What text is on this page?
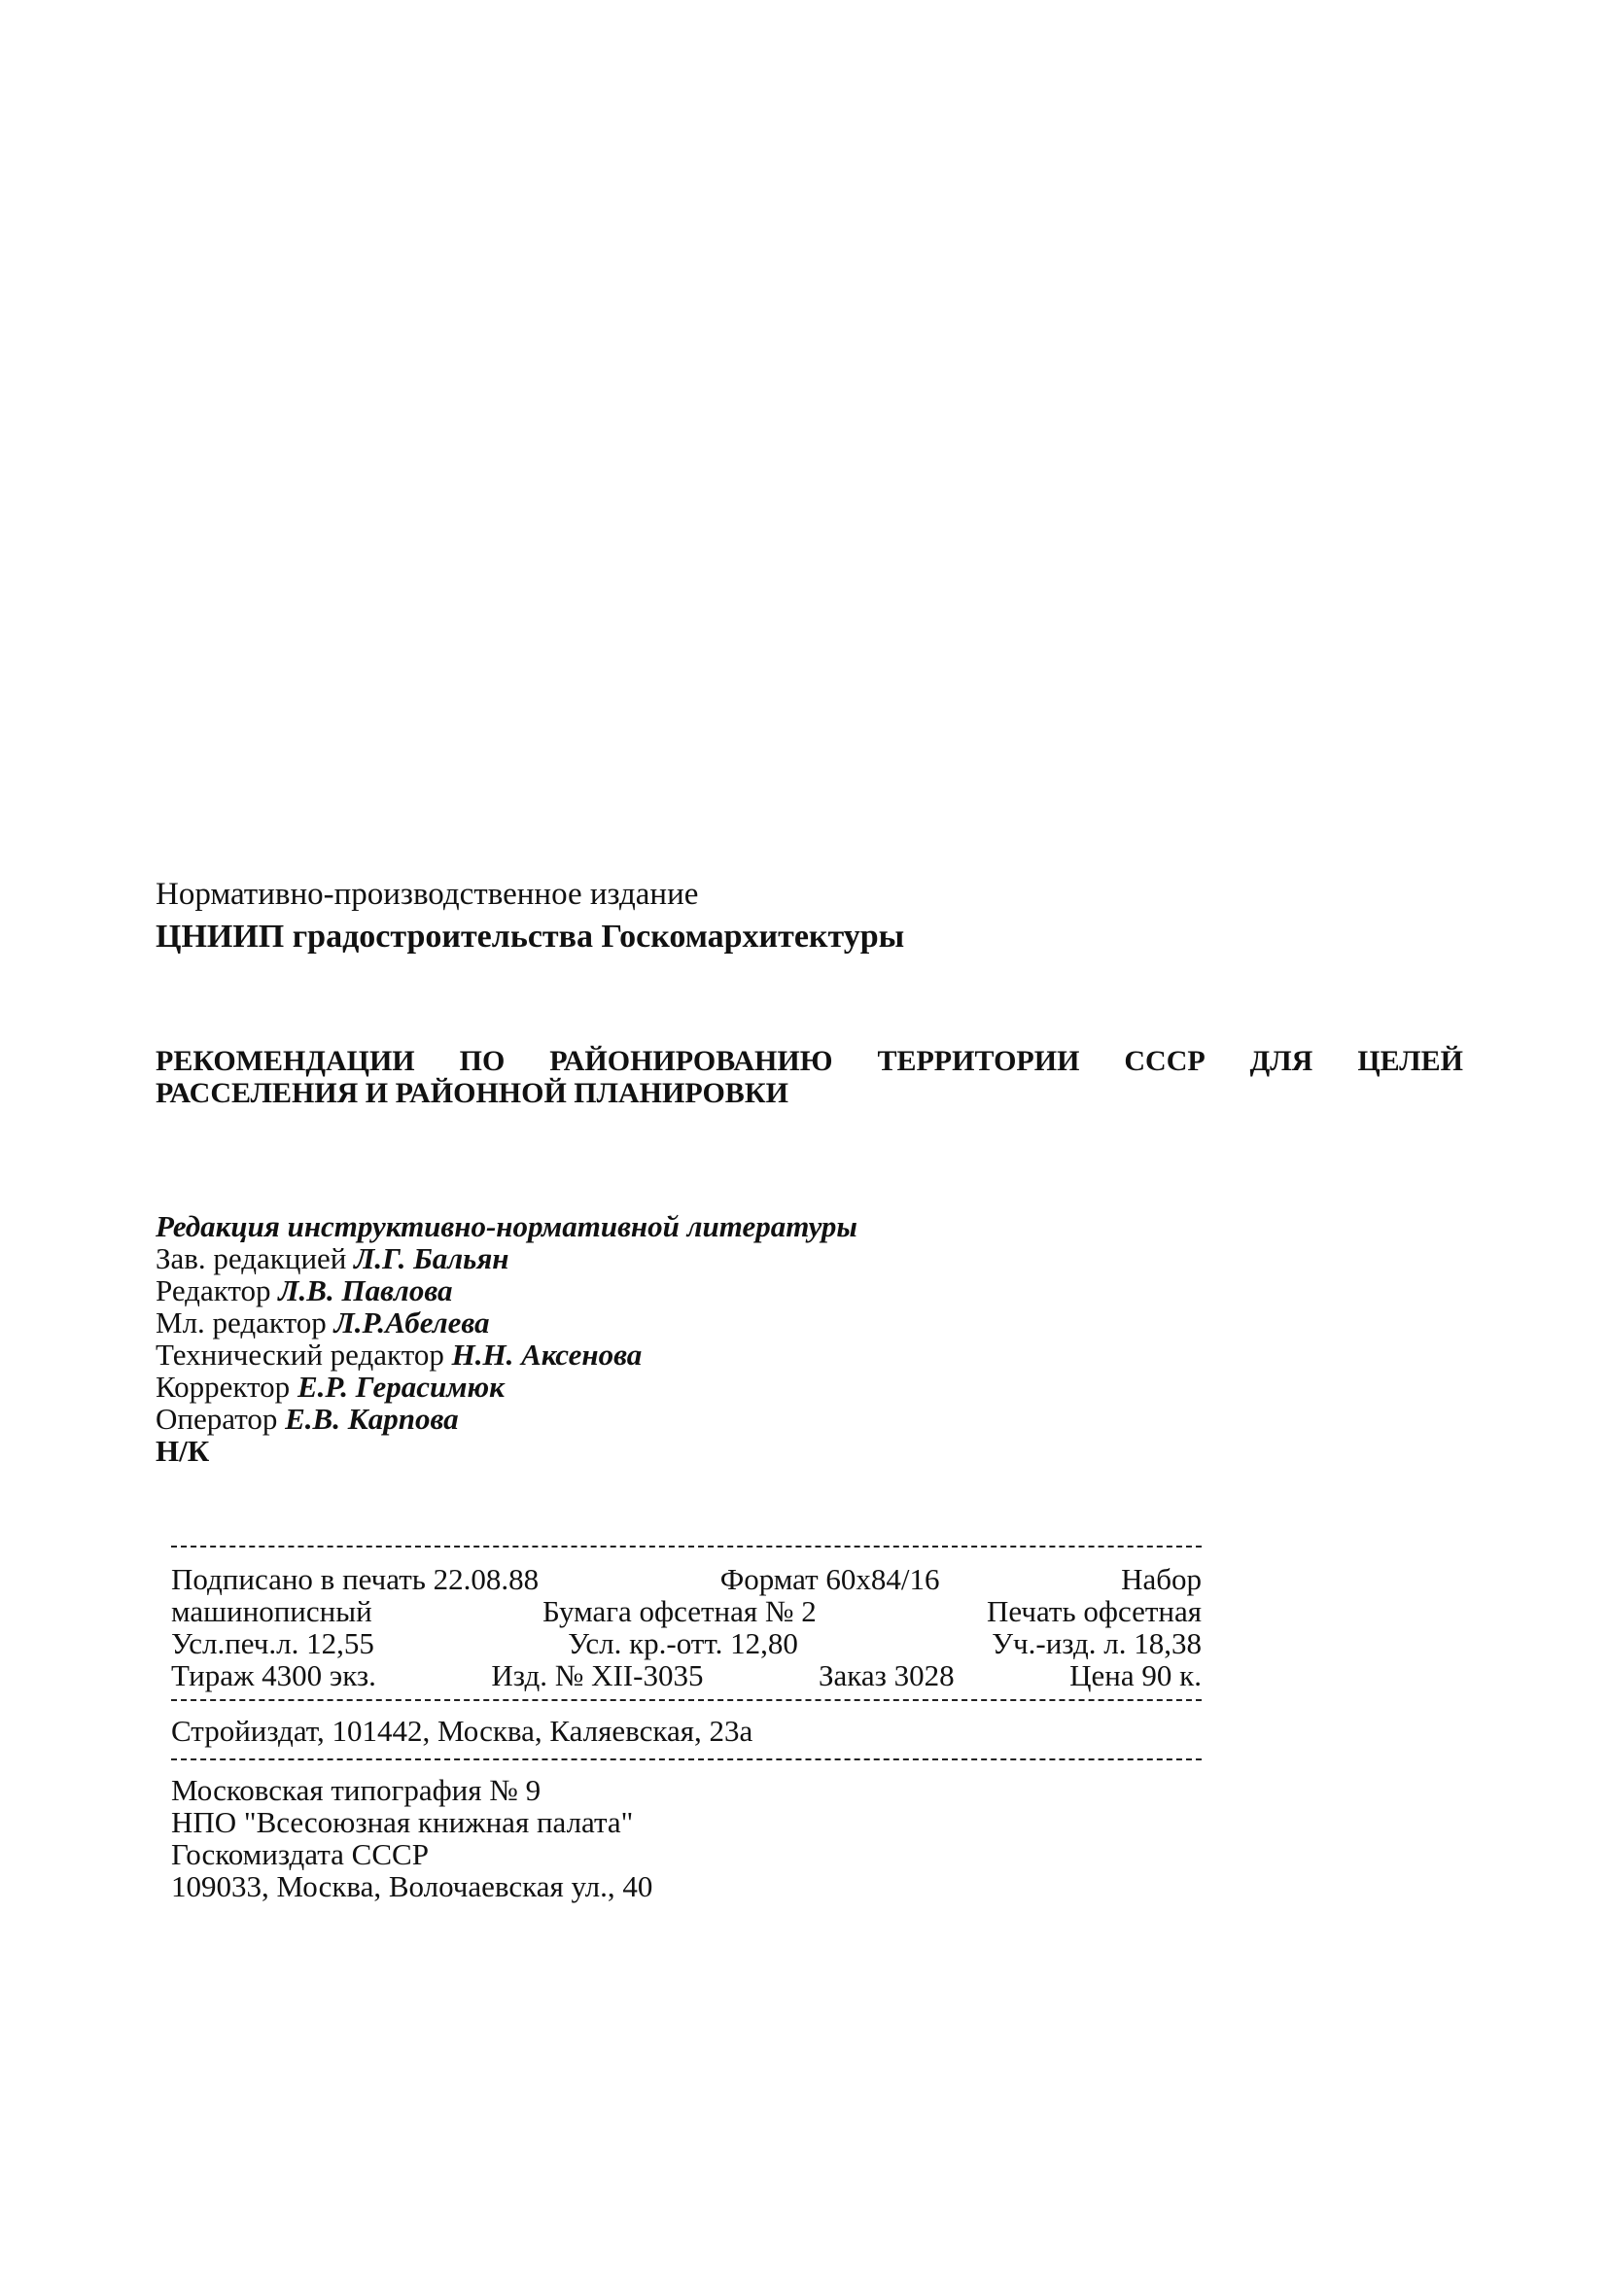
Нормативно-производственное издание
ЦНИИП градостроительства Госкомархитектуры
РЕКОМЕНДАЦИИ ПО РАЙОНИРОВАНИЮ ТЕРРИТОРИИ СССР ДЛЯ ЦЕЛЕЙ
РАССЕЛЕНИЯ И РАЙОННОЙ ПЛАНИРОВКИ
Редакция инструктивно-нормативной литературы
Зав. редакцией Л.Г. Бальян
Редактор Л.В. Павлова
Мл. редактор Л.Р.Абелева
Технический редактор Н.Н. Аксенова
Корректор Е.Р. Герасимюк
Оператор Е.В. Карпова
Н/К
Подписано в печать 22.08.88	Формат 60х84/16	Набор
машинописный	Бумага офсетная № 2	Печать офсетная
Усл.печ.л. 12,55	Усл. кр.-отт. 12,80	Уч.-изд. л. 18,38
Тираж 4300 экз.	Изд. № XII-3035	Заказ 3028	Цена 90 к.
Стройиздат, 101442, Москва, Каляевская, 23а
Московская типография № 9
НПО "Всесоюзная книжная палата"
Госкомиздата СССР
109033, Москва, Волочаевская ул., 40
